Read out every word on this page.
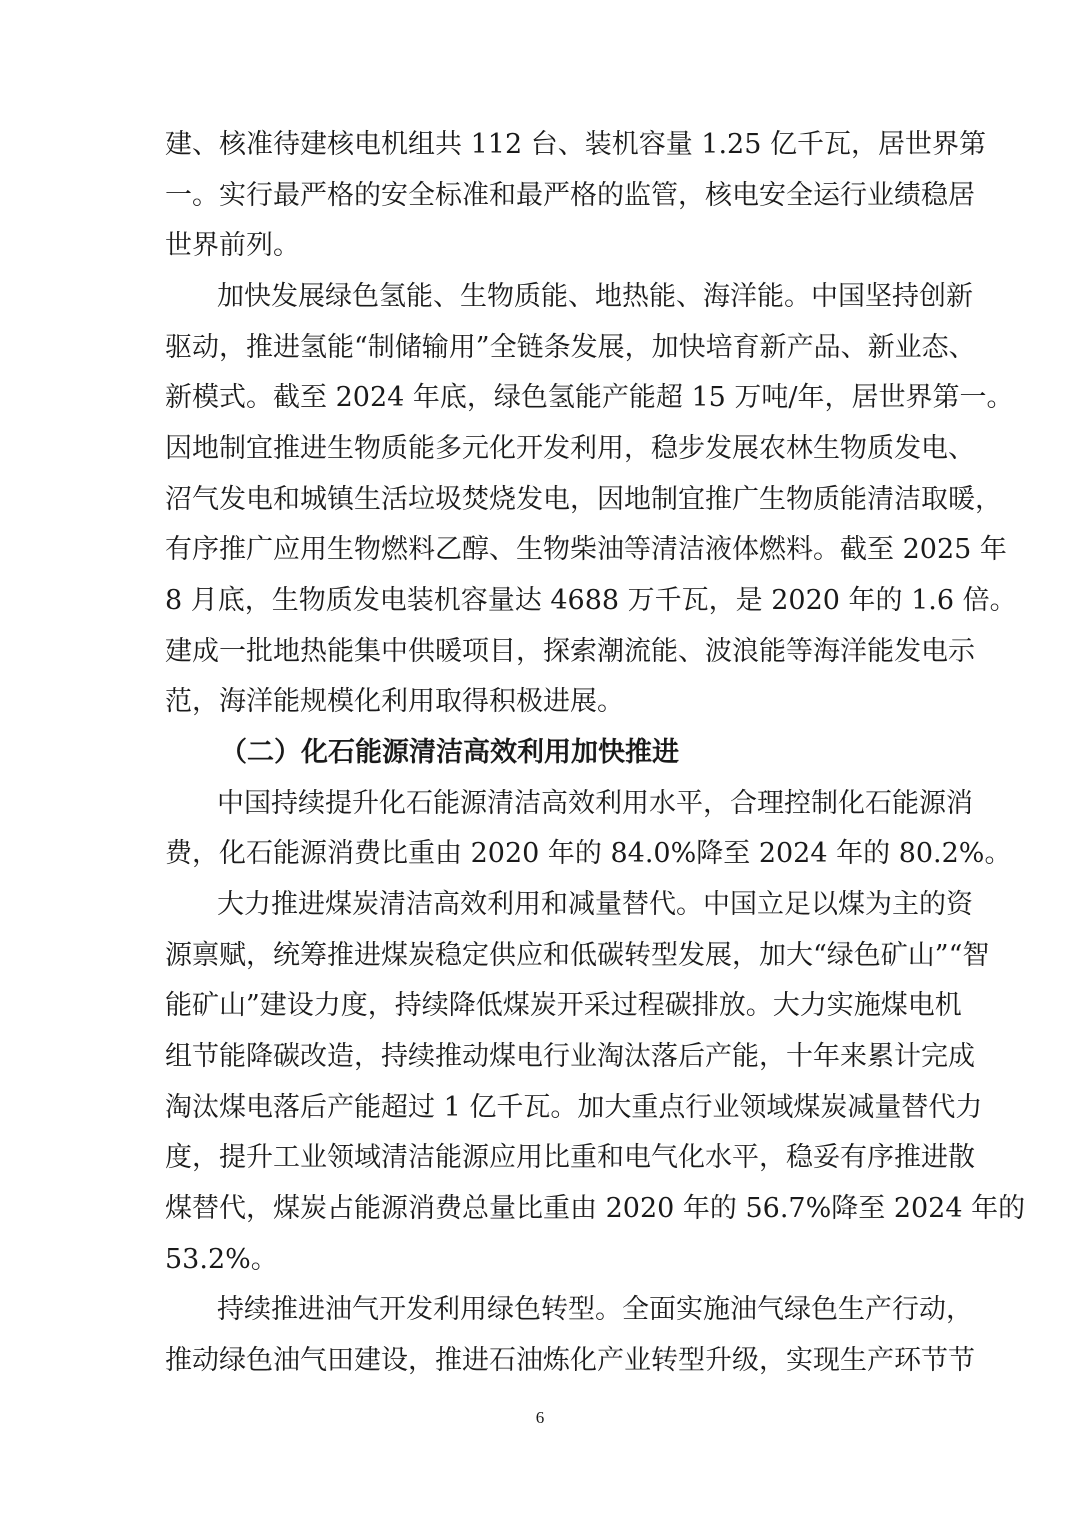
建、核准待建核电机组共 112 台、装机容量 1.25 亿千瓦，居世界第
一。实行最严格的安全标准和最严格的监管，核电安全运行业绩稳居
世界前列。
加快发展绿色氢能、生物质能、地热能、海洋能。中国坚持创新
驱动，推进氢能“制储输用”全链条发展，加快培育新产品、新业态、
新模式。截至 2024 年底，绿色氢能产能超 15 万吨/年，居世界第一。
因地制宜推进生物质能多元化开发利用，稳步发展农林生物质发电、
沼气发电和城镇生活垃圾焚烧发电，因地制宜推广生物质能清洁取暖，
有序推广应用生物燃料乙醇、生物柴油等清洁液体燃料。截至 2025 年
8 月底，生物质发电装机容量达 4688 万千瓦，是 2020 年的 1.6 倍。
建成一批地热能集中供暖项目，探索潮流能、波浪能等海洋能发电示
范，海洋能规模化利用取得积极进展。
（二）化石能源清洁高效利用加快推进
中国持续提升化石能源清洁高效利用水平，合理控制化石能源消
费，化石能源消费比重由 2020 年的 84.0%降至 2024 年的 80.2%。
大力推进煤炭清洁高效利用和减量替代。中国立足以煤为主的资
源禀赋，统筹推进煤炭稳定供应和低碳转型发展，加大“绿色矿山”“智
能矿山”建设力度，持续降低煤炭开采过程碳排放。大力实施煤电机
组节能降碳改造，持续推动煤电行业淘汰落后产能，十年来累计完成
淘汰煤电落后产能超过 1 亿千瓦。加大重点行业领域煤炭减量替代力
度，提升工业领域清洁能源应用比重和电气化水平，稳妥有序推进散
煤替代，煤炭占能源消费总量比重由 2020 年的 56.7%降至 2024 年的
53.2%。
持续推进油气开发利用绿色转型。全面实施油气绿色生产行动，
推动绿色油气田建设，推进石油炼化产业转型升级，实现生产环节节
6
